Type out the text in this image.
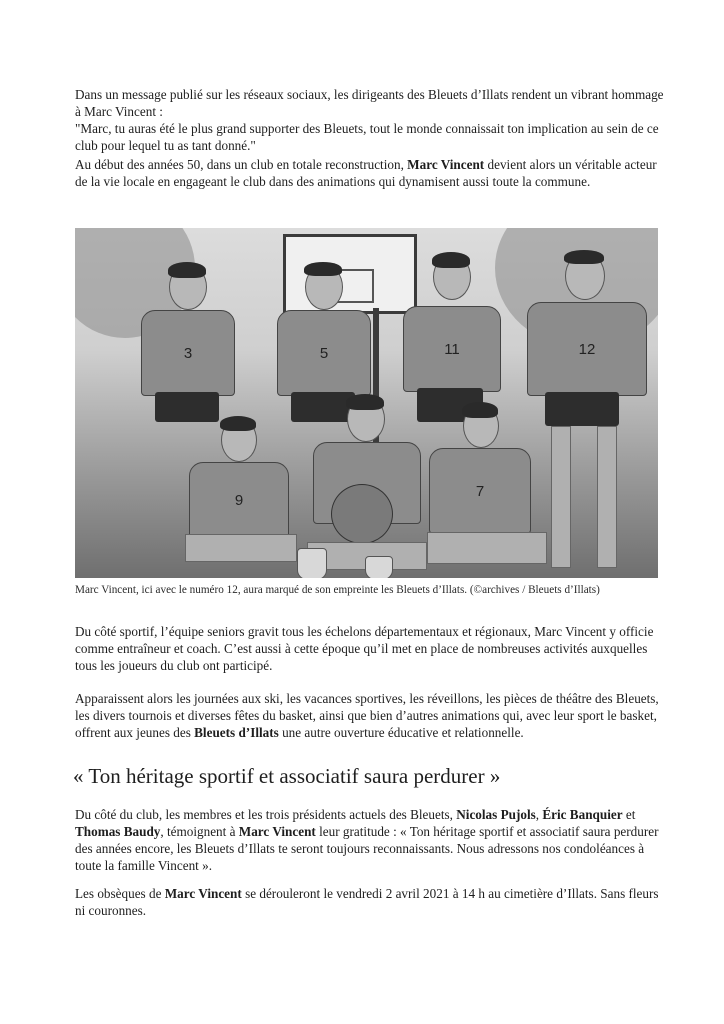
Dans un message publié sur les réseaux sociaux, les dirigeants des Bleuets d’Illats rendent un vibrant hommage à Marc Vincent :

"Marc, tu auras été le plus grand supporter des Bleuets, tout le monde connaissait ton implication au sein de ce club pour lequel tu as tant donné."

Au début des années 50, dans un club en totale reconstruction, Marc Vincent devient alors un véritable acteur de la vie locale en engageant le club dans des animations qui dynamisent aussi toute la commune.

3	5	11	12
9
7

Marc Vincent, ici avec le numéro 12, aura marqué de son empreinte les Bleuets d’Illats. (©archives / Bleuets d’Illats)

Du côté sportif, l’équipe seniors gravit tous les échelons départementaux et régionaux, Marc Vincent y officie comme entraîneur et coach. C’est aussi à cette époque qu’il met en place de nombreuses activités auxquelles tous les joueurs du club ont participé.

Apparaissent alors les journées aux ski, les vacances sportives, les réveillons, les pièces de théâtre des Bleuets, les divers tournois et diverses fêtes du basket, ainsi que bien d’autres animations qui, avec leur sport le basket, offrent aux jeunes des Bleuets d’Illats une autre ouverture éducative et relationnelle.

« Ton héritage sportif et associatif saura perdurer »

Du côté du club, les membres et les trois présidents actuels des Bleuets, Nicolas Pujols, Éric Banquier et Thomas Baudy, témoignent à Marc Vincent leur gratitude : « Ton héritage sportif et associatif saura perdurer des années encore, les Bleuets d’Illats te seront toujours reconnaissants. Nous adressons nos condoléances à toute la famille Vincent ».

Les obsèques de Marc Vincent se dérouleront le vendredi 2 avril 2021 à 14 h au cimetière d’Illats. Sans fleurs ni couronnes.
